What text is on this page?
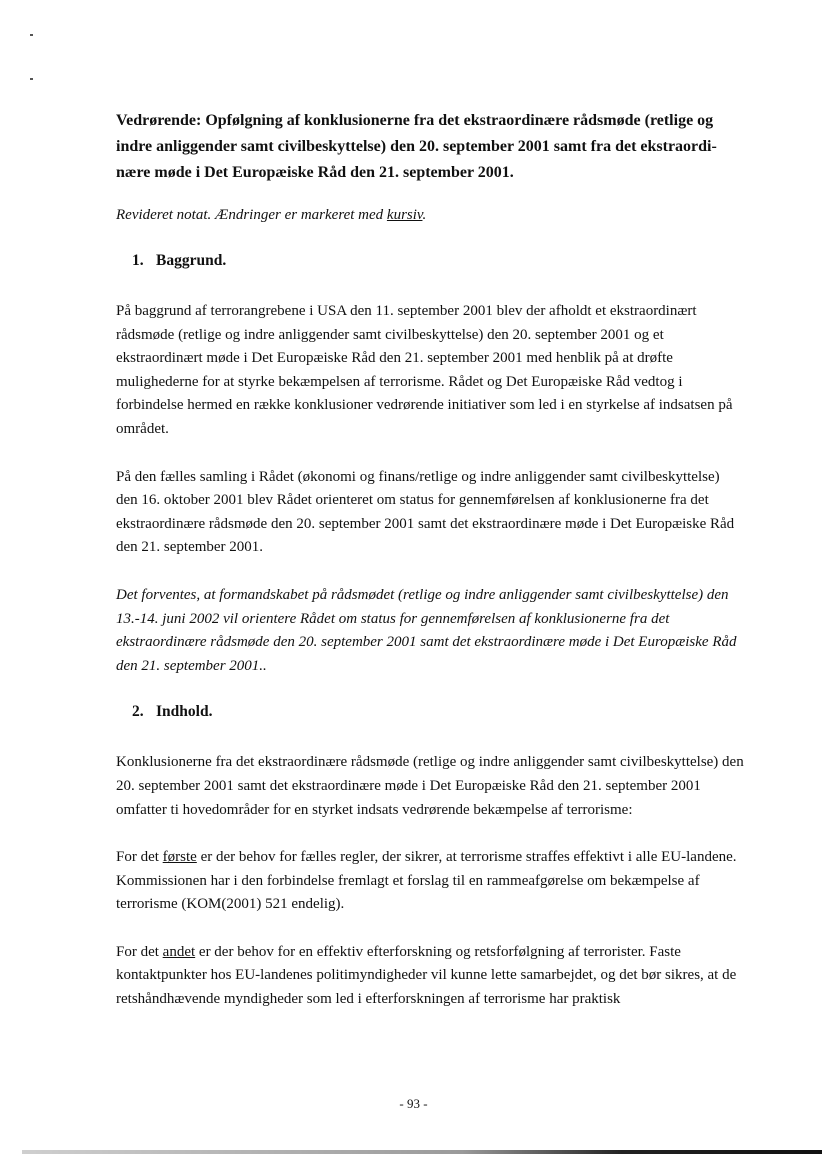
Vedrørende: Opfølgning af konklusionerne fra det ekstraordinære rådsmøde (retlige og indre anliggender samt civilbeskyttelse) den 20. september 2001 samt fra det ekstraordi-nære møde i Det Europæiske Råd den 21. september 2001.

Revideret notat. Ændringer er markeret med kursiv.

1. Baggrund.

På baggrund af terrorangrebene i USA den 11. september 2001 blev der afholdt et ekstraordinært rådsmøde (retlige og indre anliggender samt civilbeskyttelse) den 20. september 2001 og et ekstraordinært møde i Det Europæiske Råd den 21. september 2001 med henblik på at drøfte mulighederne for at styrke bekæmpelsen af terrorisme. Rådet og Det Europæiske Råd vedtog i forbindelse hermed en række konklusioner vedrørende initiativer som led i en styrkelse af indsatsen på området.

På den fælles samling i Rådet (økonomi og finans/retlige og indre anliggender samt civilbeskyttelse) den 16. oktober 2001 blev Rådet orienteret om status for gennemførelsen af konklusionerne fra det ekstraordinære rådsmøde den 20. september 2001 samt det ekstraordinære møde i Det Europæiske Råd den 21. september 2001.

Det forventes, at formandskabet på rådsmødet (retlige og indre anliggender samt civilbeskyttelse) den 13.-14. juni 2002 vil orientere Rådet om status for gennemførelsen af konklusionerne fra det ekstraordinære rådsmøde den 20. september 2001 samt det ekstraordinære møde i Det Europæiske Råd den 21. september 2001..

2. Indhold.

Konklusionerne fra det ekstraordinære rådsmøde (retlige og indre anliggender samt civilbeskyttelse) den 20. september 2001 samt det ekstraordinære møde i Det Europæiske Råd den 21. september 2001 omfatter ti hovedområder for en styrket indsats vedrørende bekæmpelse af terrorisme:

For det første er der behov for fælles regler, der sikrer, at terrorisme straffes effektivt i alle EU-landene. Kommissionen har i den forbindelse fremlagt et forslag til en rammeafgørelse om bekæmpelse af terrorisme (KOM(2001) 521 endelig).

For det andet er der behov for en effektiv efterforskning og retsforfølgning af terrorister. Faste kontaktpunkter hos EU-landenes politimyndigheder vil kunne lette samarbejdet, og det bør sikres, at de retshåndhævende myndigheder som led i efterforskningen af terrorisme har praktisk

- 93 -
